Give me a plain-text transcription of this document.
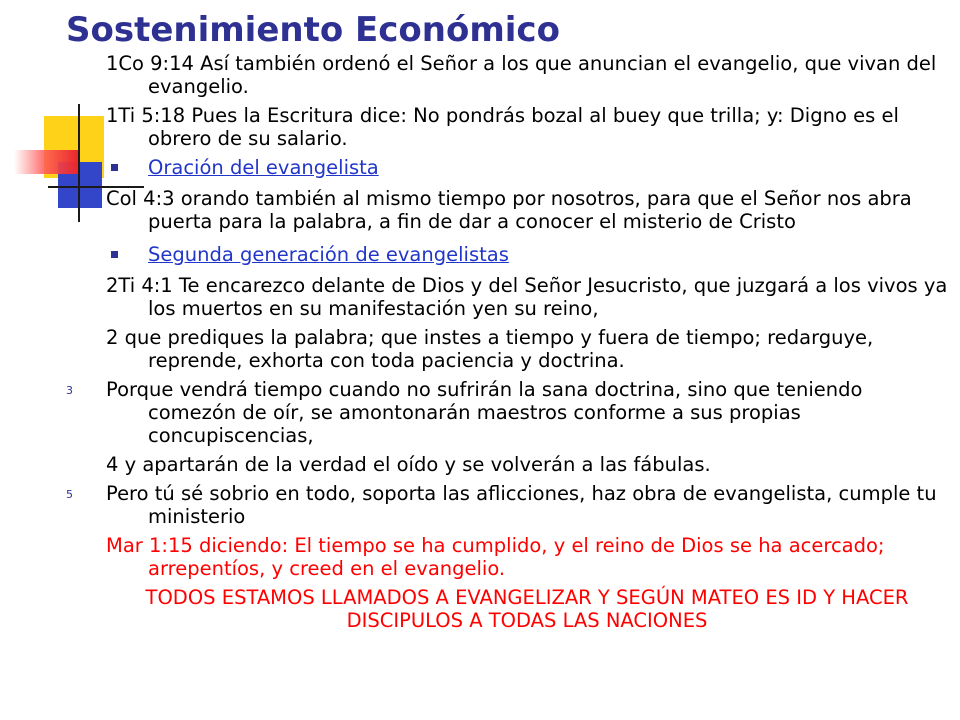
Sostenimiento Económico

1Co 9:14 Así también ordenó el Señor a los que anuncian el evangelio, que vivan del evangelio.

1Ti 5:18 Pues la Escritura dice: No pondrás bozal al buey que trilla; y: Digno es el obrero de su salario.

Oración del evangelista

Col 4:3 orando también al mismo tiempo por nosotros, para que el Señor nos abra puerta para la palabra, a fin de dar a conocer el misterio de Cristo

Segunda generación de evangelistas

2Ti 4:1 Te encarezco delante de Dios y del Señor Jesucristo, que juzgará a los vivos ya los muertos en su manifestación yen su reino,

2 que prediques la palabra; que instes a tiempo y fuera de tiempo; redarguye, reprende, exhorta con toda paciencia y doctrina.

3	Porque vendrá tiempo cuando no sufrirán la sana doctrina, sino que teniendo comezón de oír, se amontonarán maestros conforme a sus propias concupiscencias,

4 y apartarán de la verdad el oído y se volverán a las fábulas.

5	Pero tú sé sobrio en todo, soporta las aflicciones, haz obra de evangelista, cumple tu ministerio

Mar 1:15 diciendo: El tiempo se ha cumplido, y el reino de Dios se ha acercado; arrepentíos, y creed en el evangelio.

TODOS ESTAMOS LLAMADOS A EVANGELIZAR Y SEGÚN MATEO ES ID Y HACER DISCIPULOS A TODAS LAS NACIONES
